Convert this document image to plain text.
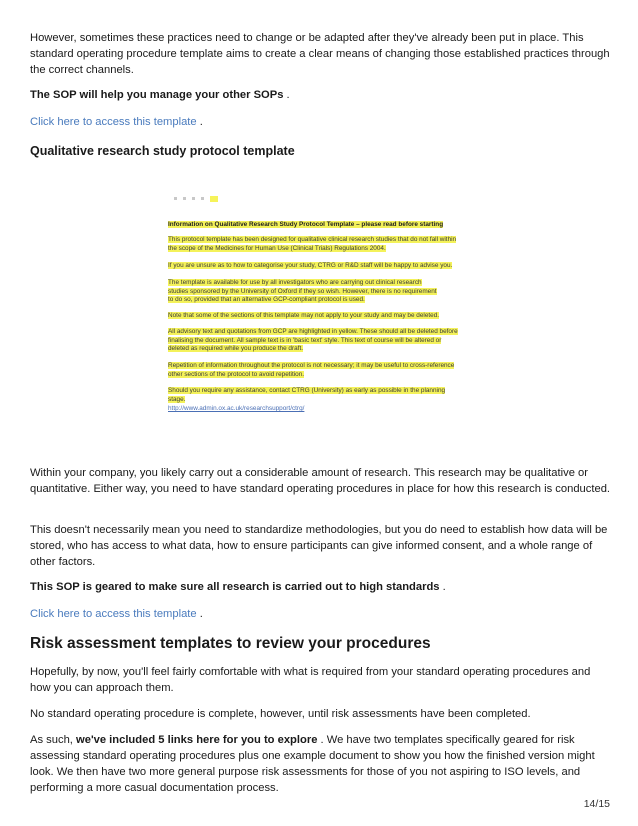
However, sometimes these practices need to change or be adapted after they've already been put in place. This standard operating procedure template aims to create a clear means of changing those established practices through the correct channels.

The SOP will help you manage your other SOPs .

Click here to access this template .

Qualitative research study protocol template

Information on Qualitative Research Study Protocol Template – please read before starting
This protocol template has been designed for qualitative clinical research studies that do not fall within the scope of the Medicines for Human Use (Clinical Trials) Regulations 2004.
If you are unsure as to how to categorise your study, CTRG or R&D staff will be happy to advise you.
The template is available for use by all investigators who are carrying out clinical research studies sponsored by the University of Oxford if they so wish. However, there is no requirement to do so, provided that an alternative GCP-compliant protocol is used.
Note that some of the sections of this template may not apply to your study and may be deleted.
All advisory text and quotations from GCP are highlighted in yellow. These should all be deleted before finalising the document. All sample text is in 'basic text' style. This text of course will be altered or deleted as required while you produce the draft.
Repetition of information throughout the protocol is not necessary; it may be useful to cross-reference other sections of the protocol to avoid repetition.
Should you require any assistance, contact CTRG (University) as early as possible in the planning stage.
http://www.admin.ox.ac.uk/researchsupport/ctrg/

Within your company, you likely carry out a considerable amount of research. This research may be qualitative or quantitative. Either way, you need to have standard operating procedures in place for how this research is conducted.

This doesn't necessarily mean you need to standardize methodologies, but you do need to establish how data will be stored, who has access to what data, how to ensure participants can give informed consent, and a whole range of other factors.

This SOP is geared to make sure all research is carried out to high standards .

Click here to access this template .

Risk assessment templates to review your procedures

Hopefully, by now, you'll feel fairly comfortable with what is required from your standard operating procedures and how you can approach them.

No standard operating procedure is complete, however, until risk assessments have been completed.

As such, we've included 5 links here for you to explore . We have two templates specifically geared for risk assessing standard operating procedures plus one example document to show you how the finished version might look. We then have two more general purpose risk assessments for those of you not aspiring to ISO levels, and performing a more casual documentation process.

14/15
